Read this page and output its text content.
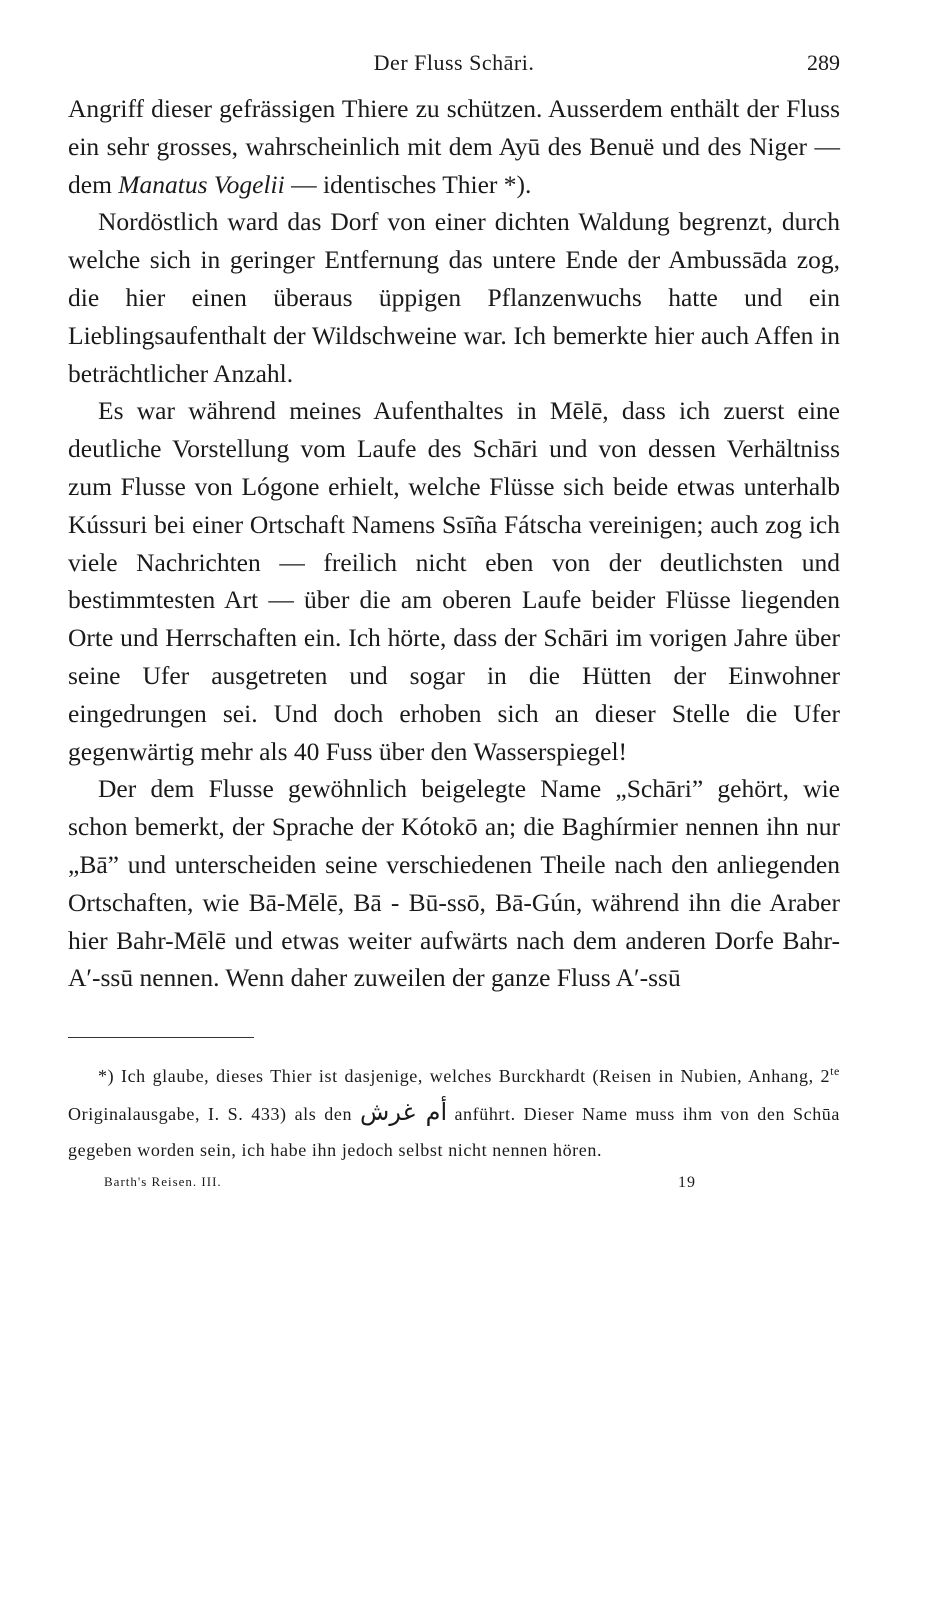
Der Fluss Schāri.	289

Angriff dieser gefrässigen Thiere zu schützen. Ausserdem enthält der Fluss ein sehr grosses, wahrscheinlich mit dem Ayū des Benuë und des Niger — dem Manatus Vogelii — identisches Thier *).

Nordöstlich ward das Dorf von einer dichten Waldung begrenzt, durch welche sich in geringer Entfernung das untere Ende der Ambussāda zog, die hier einen überaus üppigen Pflanzenwuchs hatte und ein Lieblingsaufenthalt der Wildschweine war. Ich bemerkte hier auch Affen in beträchtlicher Anzahl.

Es war während meines Aufenthaltes in Mēlē, dass ich zuerst eine deutliche Vorstellung vom Laufe des Schāri und von dessen Verhältniss zum Flusse von Lógone erhielt, welche Flüsse sich beide etwas unterhalb Kússuri bei einer Ortschaft Namens Ssīña Fátscha vereinigen; auch zog ich viele Nachrichten — freilich nicht eben von der deutlichsten und bestimmtesten Art — über die am oberen Laufe beider Flüsse liegenden Orte und Herrschaften ein. Ich hörte, dass der Schāri im vorigen Jahre über seine Ufer ausgetreten und sogar in die Hütten der Einwohner eingedrungen sei. Und doch erhoben sich an dieser Stelle die Ufer gegenwärtig mehr als 40 Fuss über den Wasserspiegel!

Der dem Flusse gewöhnlich beigelegte Name „Schāri” gehört, wie schon bemerkt, der Sprache der Kótokō an; die Baghírmier nennen ihn nur „Bā” und unterscheiden seine verschiedenen Theile nach den anliegenden Ortschaften, wie Bā-Mēlē, Bā - Bū-ssō, Bā-Gún, während ihn die Araber hier Bahr-Mēlē und etwas weiter aufwärts nach dem anderen Dorfe Bahr-A′-ssū nennen. Wenn daher zuweilen der ganze Fluss A′-ssū

*) Ich glaube, dieses Thier ist dasjenige, welches Burckhardt (Reisen in Nubien, Anhang, $2^{te}$ Originalausgabe, I. S. 433) als den أم غرش anführt. Dieser Name muss ihm von den Schūa gegeben worden sein, ich habe ihn jedoch selbst nicht nennen hören.

Barth's Reisen. III.	19
